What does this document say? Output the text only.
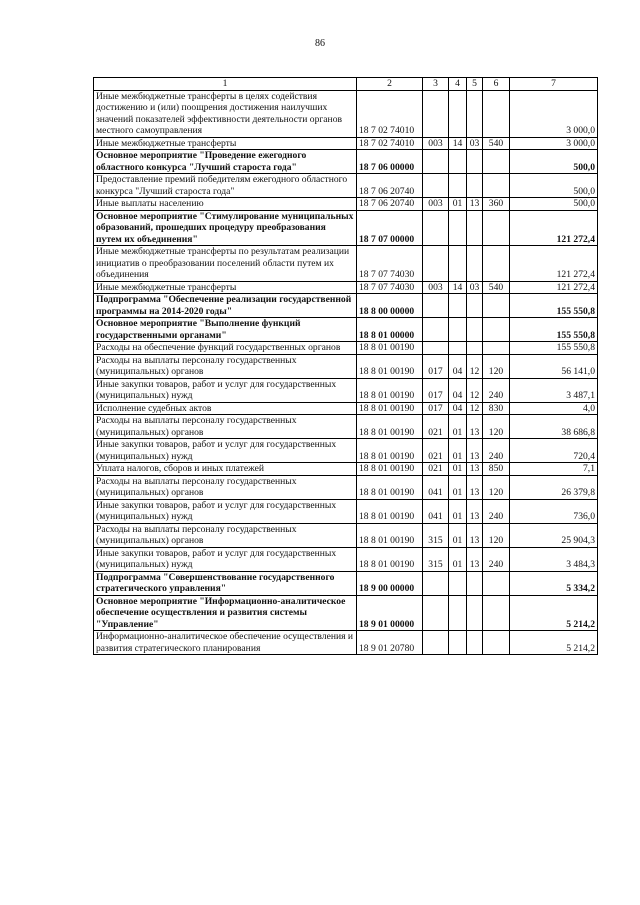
86
1	2	3	4	5	6	7
Иные межбюджетные трансферты в целях содействия достижению и (или) поощрения достижения наилучших значений показателей эффективности деятельности органов местного самоуправления	18 7 02 74010					3 000,0
Иные межбюджетные трансферты	18 7 02 74010	003	14	03	540	3 000,0
Основное мероприятие "Проведение ежегодного областного конкурса "Лучший староста года"	18 7 06 00000					500,0
Предоставление премий победителям ежегодного областного конкурса "Лучший староста года"	18 7 06 20740					500,0
Иные выплаты населению	18 7 06 20740	003	01	13	360	500,0
Основное мероприятие "Стимулирование муниципальных образований, прошедших процедуру преобразования путем их объединения"	18 7 07 00000					121 272,4
Иные межбюджетные трансферты по результатам реализации инициатив о преобразовании поселений области путем их объединения	18 7 07 74030					121 272,4
Иные межбюджетные трансферты	18 7 07 74030	003	14	03	540	121 272,4
Подпрограмма "Обеспечение реализации государственной программы на 2014-2020 годы"	18 8 00 00000					155 550,8
Основное мероприятие "Выполнение функций государственными органами"	18 8 01 00000					155 550,8
Расходы на обеспечение функций государственных органов	18 8 01 00190					155 550,8
Расходы на выплаты персоналу государственных (муниципальных) органов	18 8 01 00190	017	04	12	120	56 141,0
Иные закупки товаров, работ и услуг для государственных (муниципальных) нужд	18 8 01 00190	017	04	12	240	3 487,1
Исполнение судебных актов	18 8 01 00190	017	04	12	830	4,0
Расходы на выплаты персоналу государственных (муниципальных) органов	18 8 01 00190	021	01	13	120	38 686,8
Иные закупки товаров, работ и услуг для государственных (муниципальных) нужд	18 8 01 00190	021	01	13	240	720,4
Уплата налогов, сборов и иных платежей	18 8 01 00190	021	01	13	850	7,1
Расходы на выплаты персоналу государственных (муниципальных) органов	18 8 01 00190	041	01	13	120	26 379,8
Иные закупки товаров, работ и услуг для государственных (муниципальных) нужд	18 8 01 00190	041	01	13	240	736,0
Расходы на выплаты персоналу государственных (муниципальных) органов	18 8 01 00190	315	01	13	120	25 904,3
Иные закупки товаров, работ и услуг для государственных (муниципальных) нужд	18 8 01 00190	315	01	13	240	3 484,3
Подпрограмма "Совершенствование государственного стратегического управления"	18 9 00 00000					5 334,2
Основное мероприятие "Информационно-аналитическое обеспечение осуществления и развития системы "Управление"	18 9 01 00000					5 214,2
Информационно-аналитическое обеспечение осуществления и развития стратегического планирования	18 9 01 20780					5 214,2
